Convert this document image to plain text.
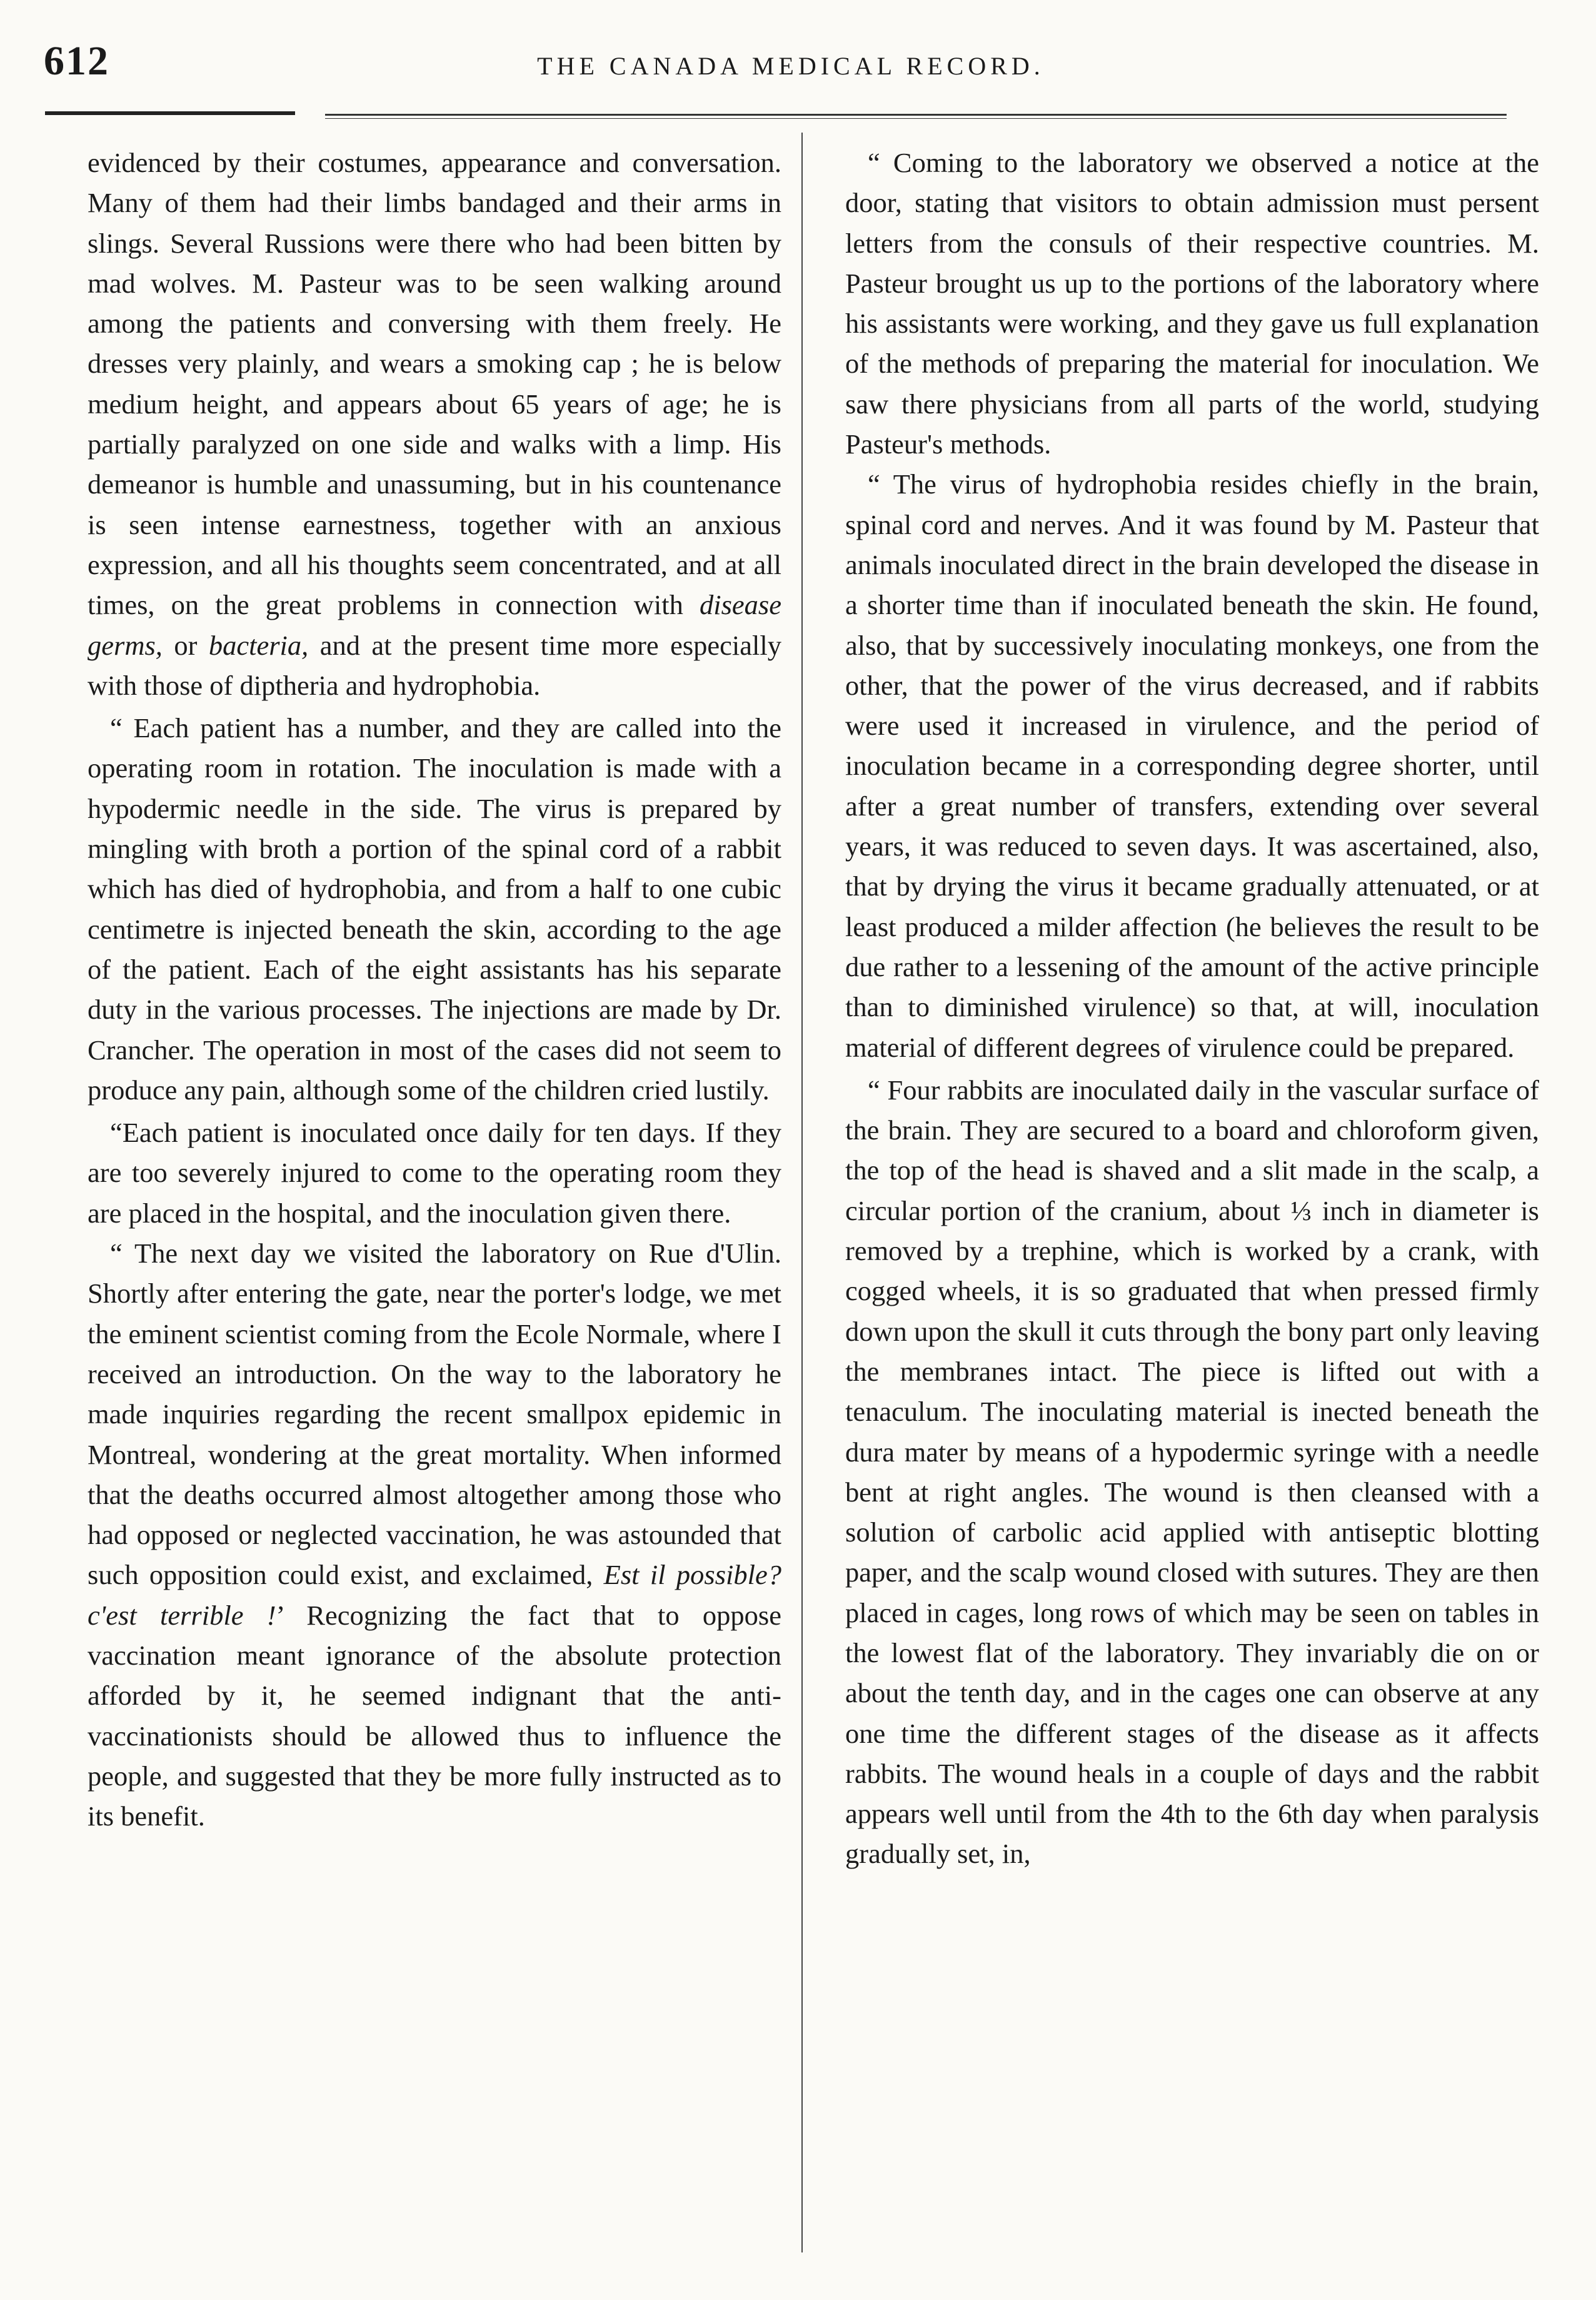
612	THE CANADA MEDICAL RECORD.

evidenced by their costumes, appearance and conversation. Many of them had their limbs bandaged and their arms in slings. Several Russions were there who had been bitten by mad wolves. M. Pasteur was to be seen walking around among the patients and conversing with them freely. He dresses very plainly, and wears a smoking cap ; he is below medium height, and appears about 65 years of age; he is partially paralyzed on one side and walks with a limp. His demeanor is humble and unassuming, but in his countenance is seen intense earnestness, together with an anxious expression, and all his thoughts seem concentrated, and at all times, on the great problems in connection with disease germs, or bacteria, and at the present time more especially with those of diptheria and hydrophobia.

“ Each patient has a number, and they are called into the operating room in rotation. The inoculation is made with a hypodermic needle in the side. The virus is prepared by mingling with broth a portion of the spinal cord of a rabbit which has died of hydrophobia, and from a half to one cubic centimetre is injected beneath the skin, according to the age of the patient. Each of the eight assistants has his separate duty in the various processes. The injections are made by Dr. Crancher. The operation in most of the cases did not seem to produce any pain, although some of the children cried lustily.

“Each patient is inoculated once daily for ten days. If they are too severely injured to come to the operating room they are placed in the hospital, and the inoculation given there.

“ The next day we visited the laboratory on Rue d'Ulin. Shortly after entering the gate, near the porter's lodge, we met the eminent scientist coming from the Ecole Normale, where I received an introduction. On the way to the laboratory he made inquiries regarding the recent smallpox epidemic in Montreal, wondering at the great mortality. When informed that the deaths occurred almost altogether among those who had opposed or neglected vaccination, he was astounded that such opposition could exist, and exclaimed, Est il possible? c'est terrible !’ Recognizing the fact that to oppose vaccination meant ignorance of the absolute protection afforded by it, he seemed indignant that the anti-vaccinationists should be allowed thus to influence the people, and suggested that they be more fully instructed as to its benefit.

“ Coming to the laboratory we observed a notice at the door, stating that visitors to obtain admission must persent letters from the consuls of their respective countries. M. Pasteur brought us up to the portions of the laboratory where his assistants were working, and they gave us full explanation of the methods of preparing the material for inoculation. We saw there physicians from all parts of the world, studying Pasteur's methods.

“ The virus of hydrophobia resides chiefly in the brain, spinal cord and nerves. And it was found by M. Pasteur that animals inoculated direct in the brain developed the disease in a shorter time than if inoculated beneath the skin. He found, also, that by successively inoculating monkeys, one from the other, that the power of the virus decreased, and if rabbits were used it increased in virulence, and the period of inoculation became in a corresponding degree shorter, until after a great number of transfers, extending over several years, it was reduced to seven days. It was ascertained, also, that by drying the virus it became gradually attenuated, or at least produced a milder affection (he believes the result to be due rather to a lessening of the amount of the active principle than to diminished virulence) so that, at will, inoculation material of different degrees of virulence could be prepared.

“ Four rabbits are inoculated daily in the vascular surface of the brain. They are secured to a board and chloroform given, the top of the head is shaved and a slit made in the scalp, a circular portion of the cranium, about ⅓ inch in diameter is removed by a trephine, which is worked by a crank, with cogged wheels, it is so graduated that when pressed firmly down upon the skull it cuts through the bony part only leaving the membranes intact. The piece is lifted out with a tenaculum. The inoculating material is inected beneath the dura mater by means of a hypodermic syringe with a needle bent at right angles. The wound is then cleansed with a solution of carbolic acid applied with antiseptic blotting paper, and the scalp wound closed with sutures. They are then placed in cages, long rows of which may be seen on tables in the lowest flat of the laboratory. They invariably die on or about the tenth day, and in the cages one can observe at any one time the different stages of the disease as it affects rabbits. The wound heals in a couple of days and the rabbit appears well until from the 4th to the 6th day when paralysis gradually set, in,
